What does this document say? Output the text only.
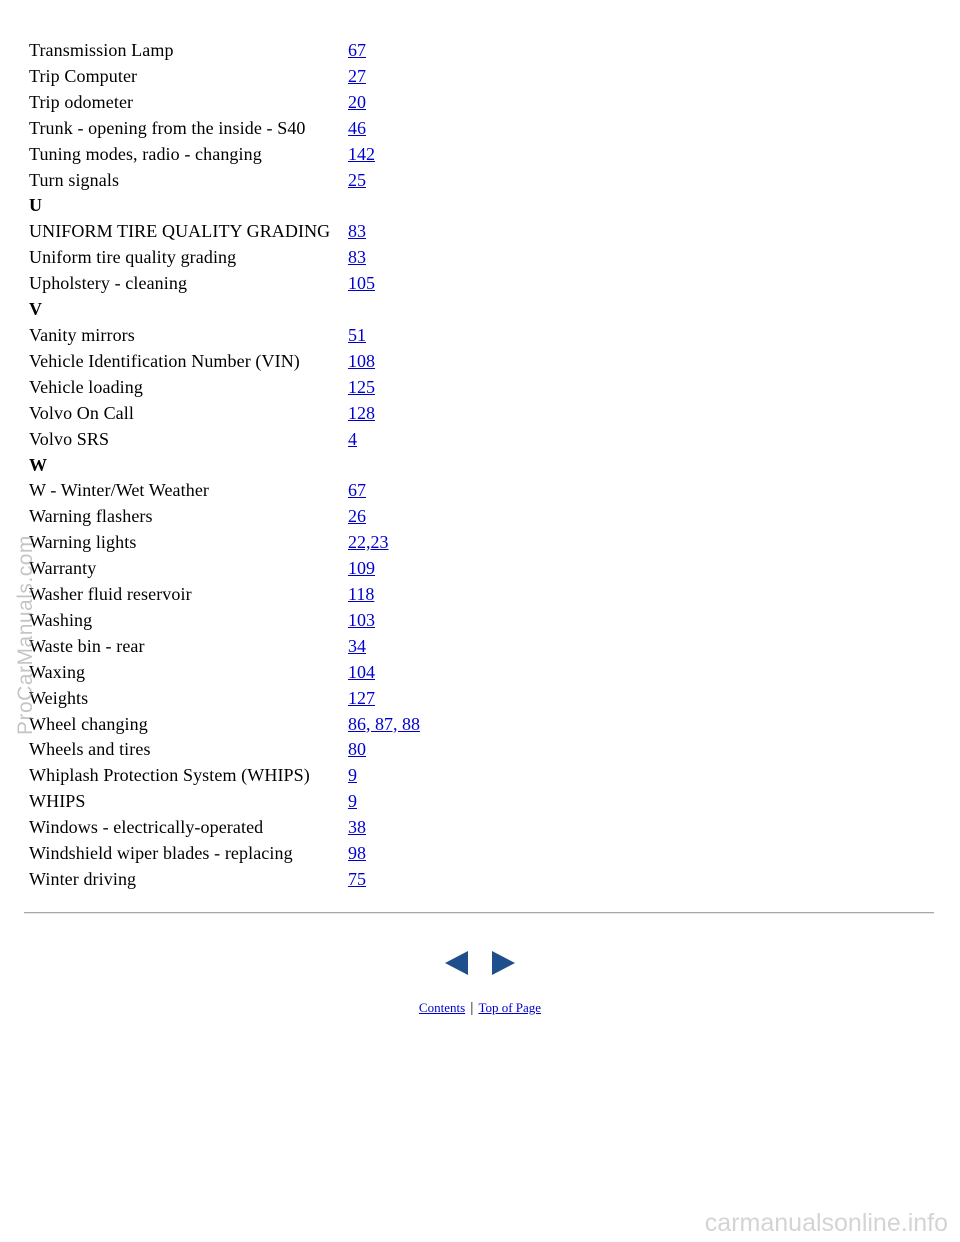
Transmission Lamp	67
Trip Computer	27
Trip odometer	20
Trunk - opening from the inside - S40	46
Tuning modes, radio - changing	142
Turn signals	25
U	
UNIFORM TIRE QUALITY GRADING	83
Uniform tire quality grading	83
Upholstery - cleaning	105
V	
Vanity mirrors	51
Vehicle Identification Number (VIN)	108
Vehicle loading	125
Volvo On Call	128
Volvo SRS	4
W	
W - Winter/Wet Weather	67
Warning flashers	26
Warning lights	22,23
Warranty	109
Washer fluid reservoir	118
Washing	103
Waste bin - rear	34
Waxing	104
Weights	127
Wheel changing	86, 87, 88
Wheels and tires	80
Whiplash Protection System (WHIPS)	9
WHIPS	9
Windows - electrically-operated	38
Windshield wiper blades - replacing	98
Winter driving	75
Contents | Top of Page
ProCarManuals.com
carmanualsonline.info
